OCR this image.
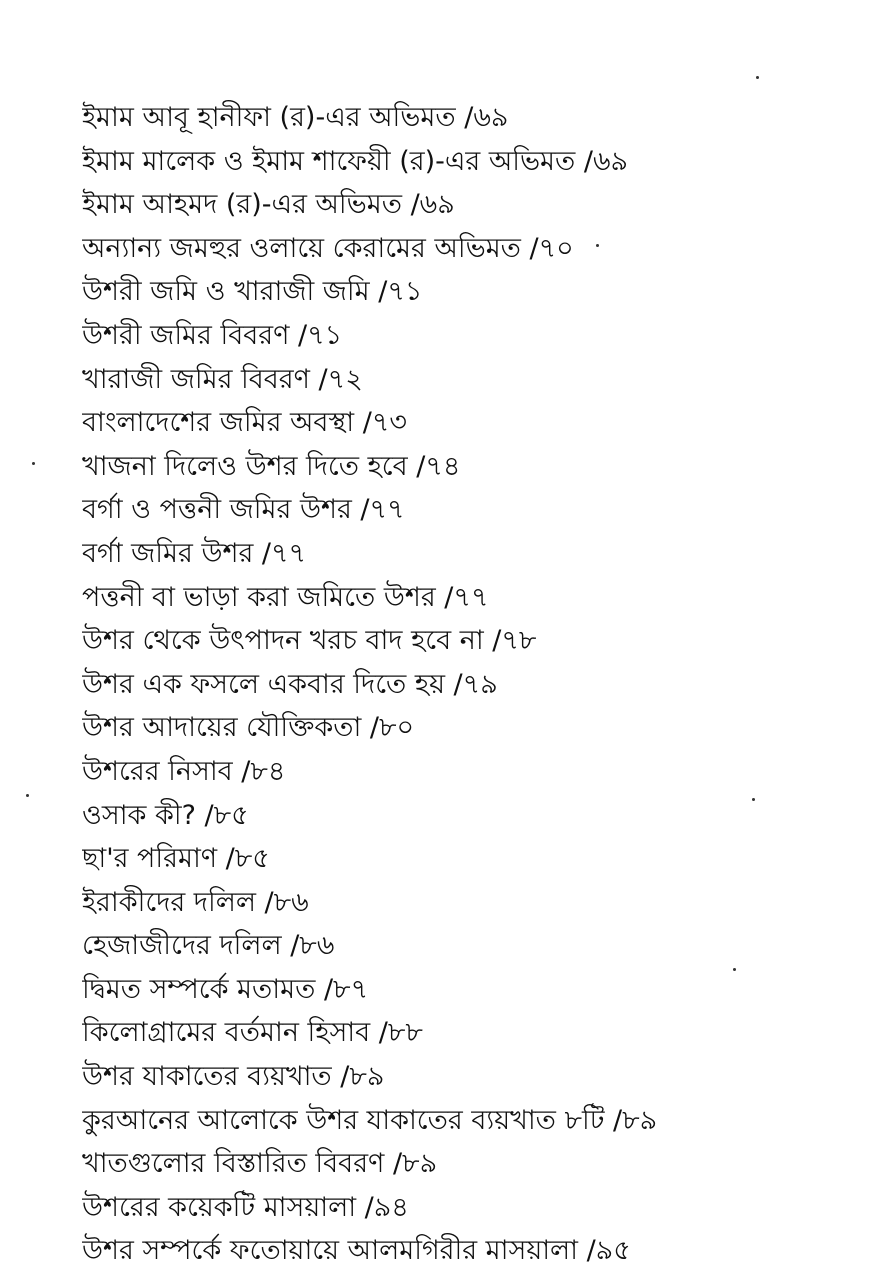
ইমাম আবূ হানীফা (র)-এর অভিমত /৬৯
ইমাম মালেক ও ইমাম শাফেয়ী (র)-এর অভিমত /৬৯
ইমাম আহমদ (র)-এর অভিমত /৬৯
অন্যান্য জমহুর ওলায়ে কেরামের অভিমত /৭০
উশরী জমি ও খারাজী জমি /৭১
উশরী জমির বিবরণ /৭১
খারাজী জমির বিবরণ /৭২
বাংলাদেশের জমির অবস্থা /৭৩
খাজনা দিলেও উশর দিতে হবে /৭৪
বর্গা ও পত্তনী জমির উশর /৭৭
বর্গা জমির উশর /৭৭
পত্তনী বা ভাড়া করা জমিতে উশর /৭৭
উশর থেকে উৎপাদন খরচ বাদ হবে না /৭৮
উশর এক ফসলে একবার দিতে হয় /৭৯
উশর আদায়ের যৌক্তিকতা /৮০
উশরের নিসাব /৮৪
ওসাক কী? /৮৫
ছা'র পরিমাণ /৮৫
ইরাকীদের দলিল /৮৬
হেজাজীদের দলিল /৮৬
দ্বিমত সম্পর্কে মতামত /৮৭
কিলোগ্রামের বর্তমান হিসাব /৮৮
উশর যাকাতের ব্যয়খাত /৮৯
কুরআনের আলোকে উশর যাকাতের ব্যয়খাত ৮টি /৮৯
খাতগুলোর বিস্তারিত বিবরণ /৮৯
উশরের কয়েকটি মাসয়ালা /৯৪
উশর সম্পর্কে ফতোয়ায়ে আলমগিরীর মাসয়ালা /৯৫
